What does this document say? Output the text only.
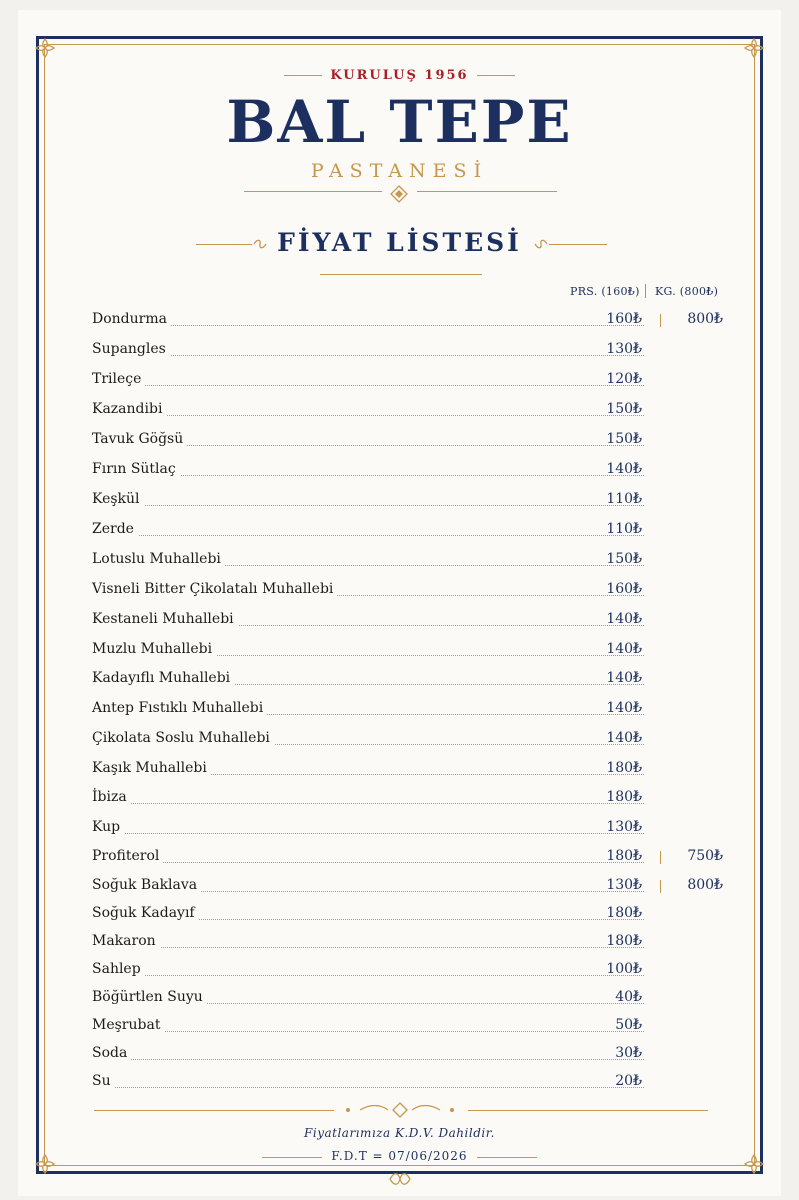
KURULUŞ 1956
BAL TEPE
PASTANESİ
FİYAT LİSTESİ
PRS. (160₺) KG. (800₺)
Dondurma	160₺	800₺
Supangles	130₺
Trileçe	120₺
Kazandibi	150₺
Tavuk Göğsü	150₺
Fırın Sütlaç	140₺
Keşkül	110₺
Zerde	110₺
Lotuslu Muhallebi	150₺
Visneli Bitter Çikolatalı Muhallebi	160₺
Kestaneli Muhallebi	140₺
Muzlu Muhallebi	140₺
Kadayıflı Muhallebi	140₺
Antep Fıstıklı Muhallebi	140₺
Çikolata Soslu Muhallebi	140₺
Kaşık Muhallebi	180₺
İbiza	180₺
Kup	130₺
Profiterol	180₺	750₺
Soğuk Baklava	130₺	800₺
Soğuk Kadayıf	180₺
Makaron	180₺
Sahlep	100₺
Böğürtlen Suyu	40₺
Meşrubat	50₺
Soda	30₺
Su	20₺
Fiyatlarımıza K.D.V. Dahildir.
F.D.T = 07/06/2026
